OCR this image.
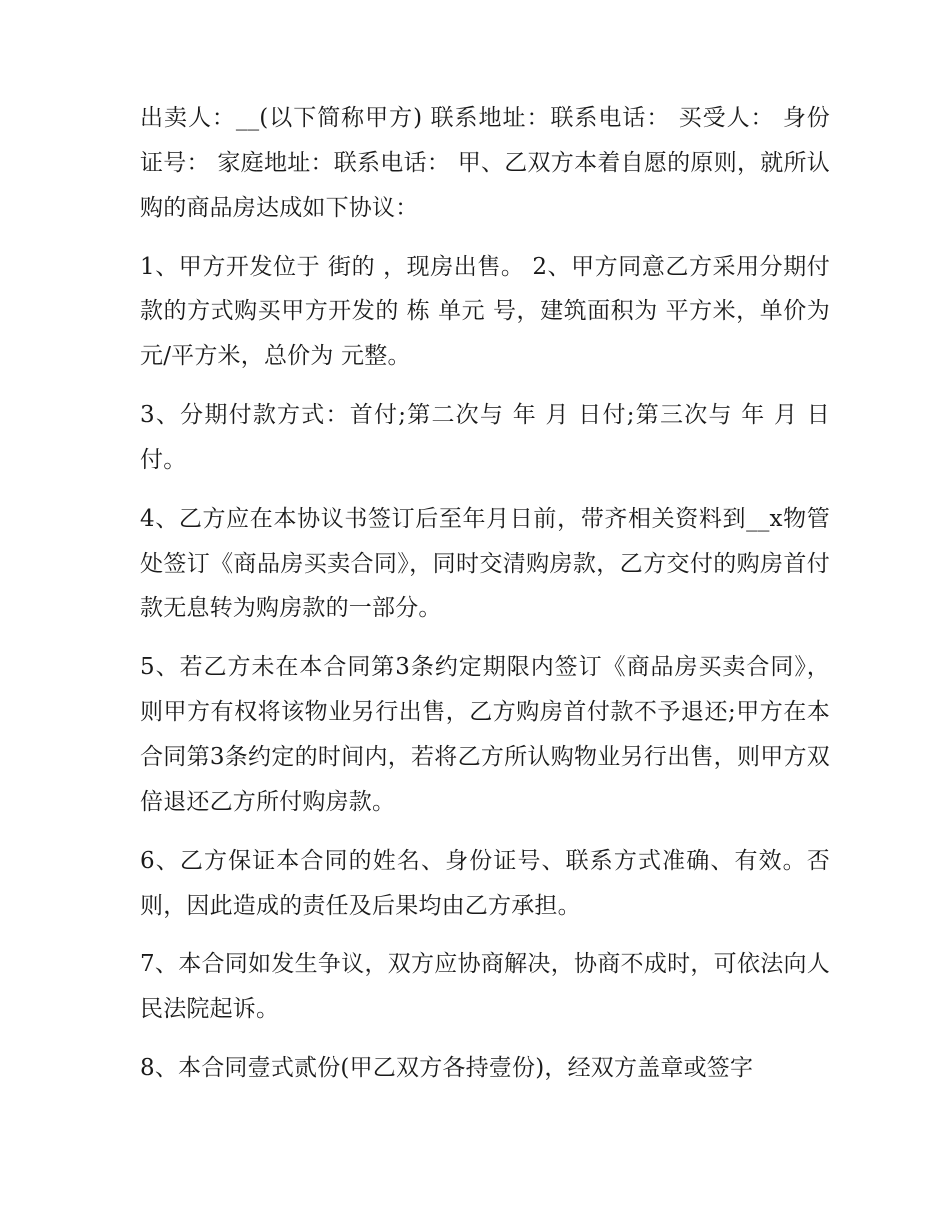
出卖人：__(以下简称甲方) 联系地址：联系电话： 买受人： 身份证号： 家庭地址：联系电话： 甲、乙双方本着自愿的原则，就所认购的商品房达成如下协议：

1、甲方开发位于 街的 ，现房出售。 2、甲方同意乙方采用分期付款的方式购买甲方开发的 栋 单元 号，建筑面积为 平方米，单价为 元/平方米，总价为 元整。

3、分期付款方式：首付;第二次与 年 月 日付;第三次与 年 月 日付。

4、乙方应在本协议书签订后至年月日前，带齐相关资料到__x物管处签订《商品房买卖合同》，同时交清购房款，乙方交付的购房首付款无息转为购房款的一部分。

5、若乙方未在本合同第3条约定期限内签订《商品房买卖合同》，则甲方有权将该物业另行出售，乙方购房首付款不予退还;甲方在本合同第3条约定的时间内，若将乙方所认购物业另行出售，则甲方双倍退还乙方所付购房款。

6、乙方保证本合同的姓名、身份证号、联系方式准确、有效。否则，因此造成的责任及后果均由乙方承担。

7、本合同如发生争议，双方应协商解决，协商不成时，可依法向人民法院起诉。

8、本合同壹式贰份(甲乙双方各持壹份)，经双方盖章或签字
